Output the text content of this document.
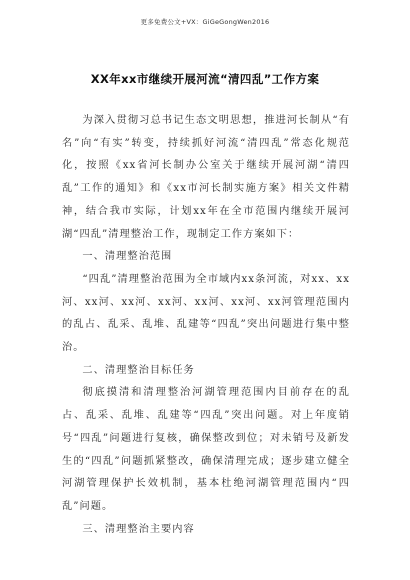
更多免费公文+VX：GiGeGongWen2016
XX年xx市继续开展河流“清四乱”工作方案

为深入贯彻习总书记生态文明思想，推进河长制从“有名”向“有实”转变，持续抓好河流“清四乱”常态化规范化，按照《xx省河长制办公室关于继续开展河湖“清四乱”工作的通知》和《xx市河长制实施方案》相关文件精神，结合我市实际，计划xx年在全市范围内继续开展河湖“四乱”清理整治工作，现制定工作方案如下：

一、清理整治范围

“四乱”清理整治范围为全市域内xx条河流，对xx、xx河、xx河、xx河、xx河、xx河、xx河、xx河管理范围内的乱占、乱采、乱堆、乱建等“四乱”突出问题进行集中整治。

二、清理整治目标任务

彻底摸清和清理整治河湖管理范围内目前存在的乱占、乱采、乱堆、乱建等“四乱”突出问题。对上年度销号“四乱”问题进行复核，确保整改到位；对未销号及新发生的“四乱”问题抓紧整改，确保清理完成；逐步建立健全河湖管理保护长效机制，基本杜绝河湖管理范围内“四乱”问题。

三、清理整治主要内容
